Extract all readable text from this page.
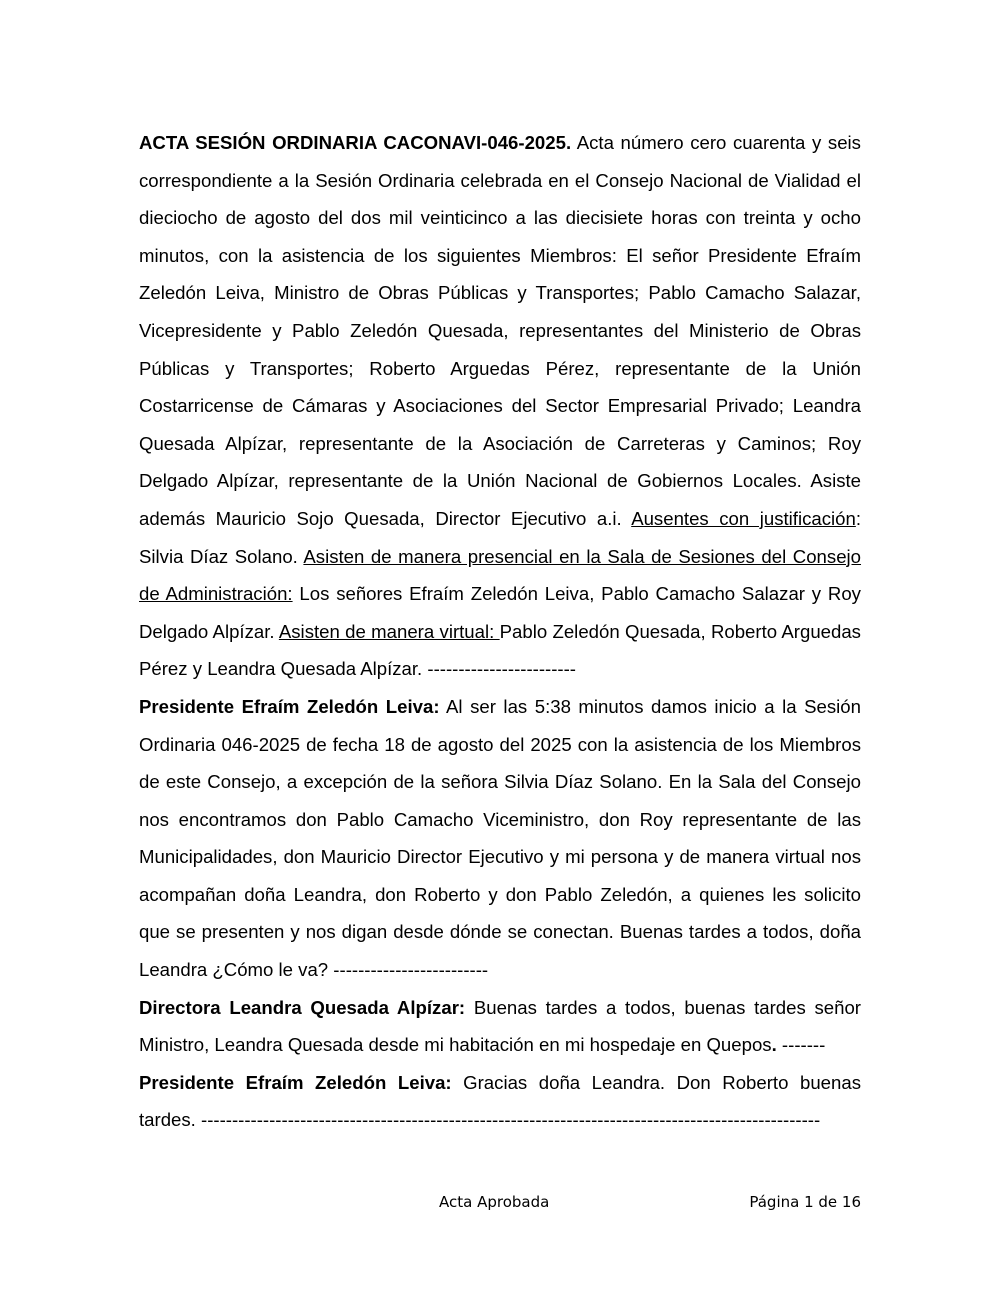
ACTA SESIÓN ORDINARIA CACONAVI-046-2025. Acta número cero cuarenta y seis correspondiente a la Sesión Ordinaria celebrada en el Consejo Nacional de Vialidad el dieciocho de agosto del dos mil veinticinco a las diecisiete horas con treinta y ocho minutos, con la asistencia de los siguientes Miembros: El señor Presidente Efraím Zeledón Leiva, Ministro de Obras Públicas y Transportes; Pablo Camacho Salazar, Vicepresidente y Pablo Zeledón Quesada, representantes del Ministerio de Obras Públicas y Transportes; Roberto Arguedas Pérez, representante de la Unión Costarricense de Cámaras y Asociaciones del Sector Empresarial Privado; Leandra Quesada Alpízar, representante de la Asociación de Carreteras y Caminos; Roy Delgado Alpízar, representante de la Unión Nacional de Gobiernos Locales. Asiste además Mauricio Sojo Quesada, Director Ejecutivo a.i. Ausentes con justificación: Silvia Díaz Solano. Asisten de manera presencial en la Sala de Sesiones del Consejo de Administración: Los señores Efraím Zeledón Leiva, Pablo Camacho Salazar y Roy Delgado Alpízar. Asisten de manera virtual: Pablo Zeledón Quesada, Roberto Arguedas Pérez y Leandra Quesada Alpízar. ------------------------

Presidente Efraím Zeledón Leiva: Al ser las 5:38 minutos damos inicio a la Sesión Ordinaria 046-2025 de fecha 18 de agosto del 2025 con la asistencia de los Miembros de este Consejo, a excepción de la señora Silvia Díaz Solano. En la Sala del Consejo nos encontramos don Pablo Camacho Viceministro, don Roy representante de las Municipalidades, don Mauricio Director Ejecutivo y mi persona y de manera virtual nos acompañan doña Leandra, don Roberto y don Pablo Zeledón, a quienes les solicito que se presenten y nos digan desde dónde se conectan. Buenas tardes a todos, doña Leandra ¿Cómo le va? -------------------------

Directora Leandra Quesada Alpízar: Buenas tardes a todos, buenas tardes señor Ministro, Leandra Quesada desde mi habitación en mi hospedaje en Quepos. -------

Presidente Efraím Zeledón Leiva: Gracias doña Leandra. Don Roberto buenas tardes. ----------------------------------------------------------------------------------------------------

Acta Aprobada	Página 1 de 16
